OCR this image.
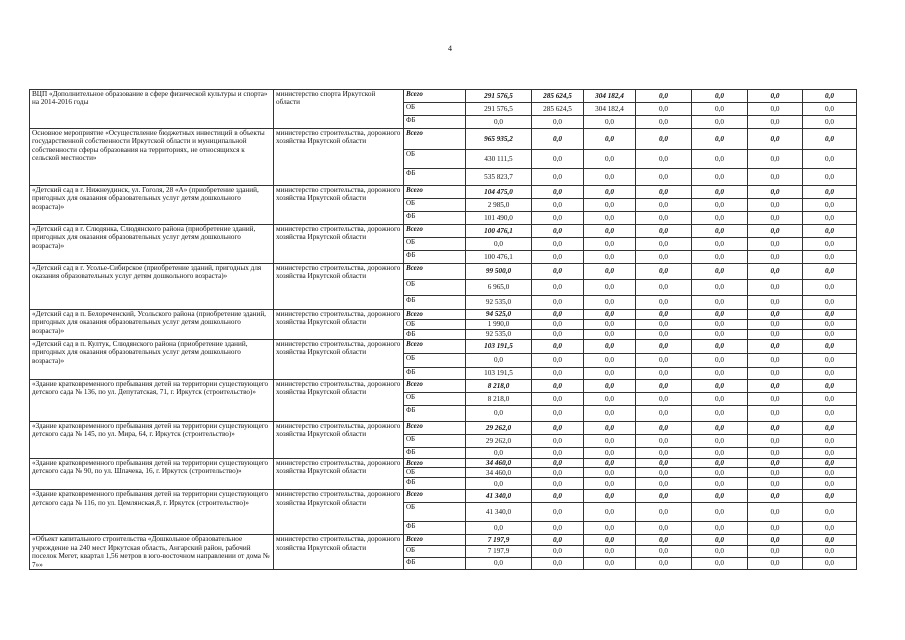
4
ВЦП «Дополнительное образование в сфере физической культуры и спорта» на 2014-2016 годы	министерство спорта Иркутской области	Всего	291 576,5	285 624,5	304 182,4	0,0	0,0	0,0	0,0
		ОБ	291 576,5	285 624,5	304 182,4	0,0	0,0	0,0	0,0
		ФБ	0,0	0,0	0,0	0,0	0,0	0,0	0,0
Основное мероприятие «Осуществление бюджетных инвестиций в объекты государственной собственности Иркутской области и муниципальной собственности сферы образования на территориях, не относящихся к сельской местности»	министерство строительства, дорожного хозяйства Иркутской области	Всего	965 935,2	0,0	0,0	0,0	0,0	0,0	0,0
		ОБ	430 111,5	0,0	0,0	0,0	0,0	0,0	0,0
		ФБ	535 823,7	0,0	0,0	0,0	0,0	0,0	0,0
«Детский сад в г. Нижнеудинск, ул. Гоголя, 28 «А» (приобретение зданий, пригодных для оказания образовательных услуг детям дошкольного возраста)»	министерство строительства, дорожного хозяйства Иркутской области	Всего	104 475,0	0,0	0,0	0,0	0,0	0,0	0,0
		ОБ	2 985,0	0,0	0,0	0,0	0,0	0,0	0,0
		ФБ	101 490,0	0,0	0,0	0,0	0,0	0,0	0,0
«Детский сад в г. Слюдянка, Слюдянского района (приобретение зданий, пригодных для оказания образовательных услуг детям дошкольного возраста)»	министерство строительства, дорожного хозяйства Иркутской области	Всего	100 476,1	0,0	0,0	0,0	0,0	0,0	0,0
		ОБ	0,0	0,0	0,0	0,0	0,0	0,0	0,0
		ФБ	100 476,1	0,0	0,0	0,0	0,0	0,0	0,0
«Детский сад в г. Усолье-Сибирское (приобретение зданий, пригодных для оказания образовательных услуг детям дошкольного возраста)»	министерство строительства, дорожного хозяйства Иркутской области	Всего	99 500,0	0,0	0,0	0,0	0,0	0,0	0,0
		ОБ	6 965,0	0,0	0,0	0,0	0,0	0,0	0,0
		ФБ	92 535,0	0,0	0,0	0,0	0,0	0,0	0,0
«Детский сад в п. Белореченский, Усольского района (приобретение зданий, пригодных для оказания образовательных услуг детям дошкольного возраста)»	министерство строительства, дорожного хозяйства Иркутской области	Всего	94 525,0	0,0	0,0	0,0	0,0	0,0	0,0
		ОБ	1 990,0	0,0	0,0	0,0	0,0	0,0	0,0
		ФБ	92 535,0	0,0	0,0	0,0	0,0	0,0	0,0
«Детский сад в п. Култук, Слюдянского района (приобретение зданий, пригодных для оказания образовательных услуг детям дошкольного возраста)»	министерство строительства, дорожного хозяйства Иркутской области	Всего	103 191,5	0,0	0,0	0,0	0,0	0,0	0,0
		ОБ	0,0	0,0	0,0	0,0	0,0	0,0	0,0
		ФБ	103 191,5	0,0	0,0	0,0	0,0	0,0	0,0
«Здание кратковременного пребывания детей на территории существующего детского сада № 136, по ул. Депутатская, 71, г. Иркутск (строительство)»	министерство строительства, дорожного хозяйства Иркутской области	Всего	8 218,0	0,0	0,0	0,0	0,0	0,0	0,0
		ОБ	8 218,0	0,0	0,0	0,0	0,0	0,0	0,0
		ФБ	0,0	0,0	0,0	0,0	0,0	0,0	0,0
«Здание кратковременного пребывания детей на территории существующего детского сада № 145, по ул. Мира, 64, г. Иркутск (строительство)»	министерство строительства, дорожного хозяйства Иркутской области	Всего	29 262,0	0,0	0,0	0,0	0,0	0,0	0,0
		ОБ	29 262,0	0,0	0,0	0,0	0,0	0,0	0,0
		ФБ	0,0	0,0	0,0	0,0	0,0	0,0	0,0
«Здание кратковременного пребывания детей на территории существующего детского сада № 90, по ул. Шпачека, 16, г. Иркутск (строительство)»	министерство строительства, дорожного хозяйства Иркутской области	Всего	34 460,0	0,0	0,0	0,0	0,0	0,0	0,0
		ОБ	34 460,0	0,0	0,0	0,0	0,0	0,0	0,0
		ФБ	0,0	0,0	0,0	0,0	0,0	0,0	0,0
«Здание кратковременного пребывания детей на территории существующего детского сада № 116, по ул. Цемлянская,8, г. Иркутск (строительство)»	министерство строительства, дорожного хозяйства Иркутской области	Всего	41 340,0	0,0	0,0	0,0	0,0	0,0	0,0
		ОБ	41 340,0	0,0	0,0	0,0	0,0	0,0	0,0
		ФБ	0,0	0,0	0,0	0,0	0,0	0,0	0,0
«Объект капитального строительства «Дошкольное образовательное учреждение на 240 мест Иркутская область, Ангарский район, рабочий поселок Мегет, квартал 1,56 метров в юго-восточном направлении от дома № 7»»	министерство строительства, дорожного хозяйства Иркутской области	Всего	7 197,9	0,0	0,0	0,0	0,0	0,0	0,0
		ОБ	7 197,9	0,0	0,0	0,0	0,0	0,0	0,0
		ФБ	0,0	0,0	0,0	0,0	0,0	0,0	0,0
